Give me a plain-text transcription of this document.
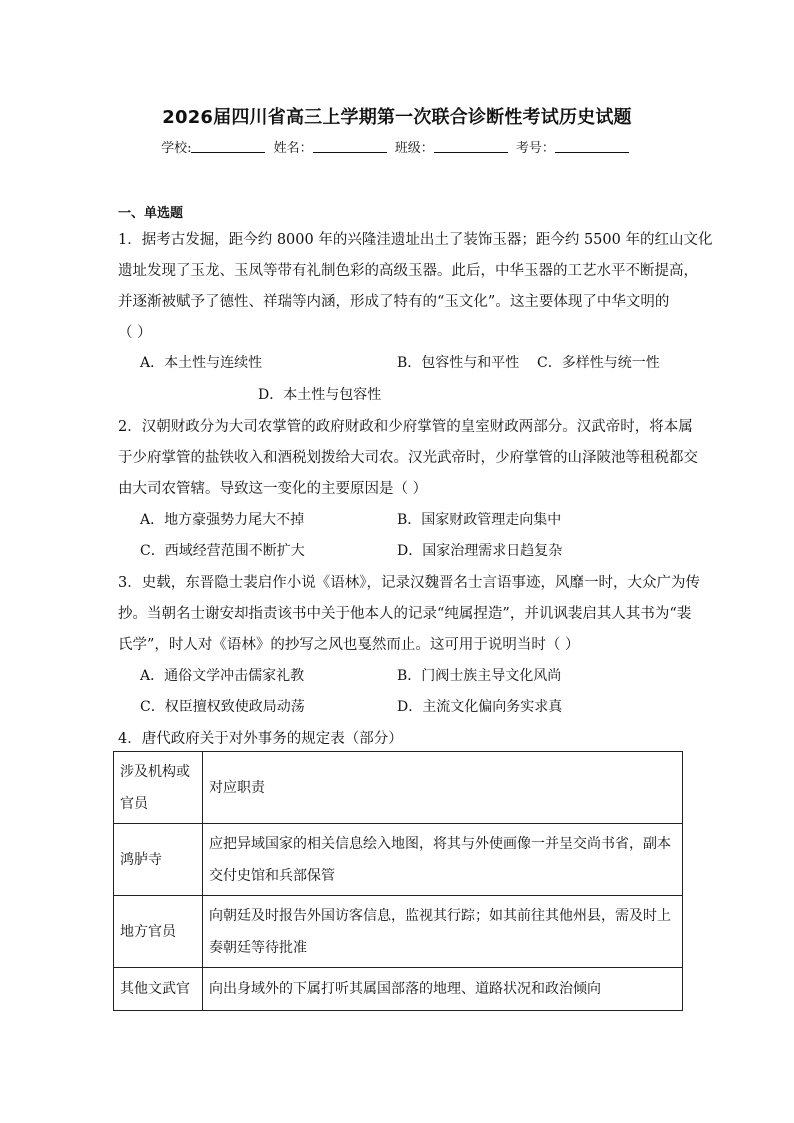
2026届四川省高三上学期第一次联合诊断性考试历史试题
学校:	姓名：	班级：	考号：
一、单选题
1．据考古发掘，距今约 8000 年的兴隆洼遗址出土了装饰玉器；距今约 5500 年的红山文化
遗址发现了玉龙、玉凤等带有礼制色彩的高级玉器。此后，中华玉器的工艺水平不断提高，
并逐渐被赋予了德性、祥瑞等内涵，形成了特有的“玉文化”。这主要体现了中华文明的
（ ）
A．本土性与连续性	B．包容性与和平性 C．多样性与统一性
D．本土性与包容性
2．汉朝财政分为大司农掌管的政府财政和少府掌管的皇室财政两部分。汉武帝时，将本属
于少府掌管的盐铁收入和酒税划拨给大司农。汉光武帝时，少府掌管的山泽陂池等租税都交
由大司农管辖。导致这一变化的主要原因是（ ）
A．地方豪强势力尾大不掉	B．国家财政管理走向集中
C．西域经营范围不断扩大	D．国家治理需求日趋复杂
3．史载，东晋隐士裴启作小说《语林》，记录汉魏晋名士言语事迹，风靡一时，大众广为传
抄。当朝名士谢安却指责该书中关于他本人的记录“纯属捏造”，并讥讽裴启其人其书为“裴
氏学”，时人对《语林》的抄写之风也戛然而止。这可用于说明当时（ ）
A．通俗文学冲击儒家礼教	B．门阀士族主导文化风尚
C．权臣擅权致使政局动荡	D．主流文化偏向务实求真
4．唐代政府关于对外事务的规定表（部分）
涉及机构或
官员	对应职责
鸿胪寺	应把异域国家的相关信息绘入地图，将其与外使画像一并呈交尚书省，副本
交付史馆和兵部保管
地方官员	向朝廷及时报告外国访客信息，监视其行踪；如其前往其他州县，需及时上
奏朝廷等待批准
其他文武官	向出身域外的下属打听其属国部落的地理、道路状况和政治倾向
